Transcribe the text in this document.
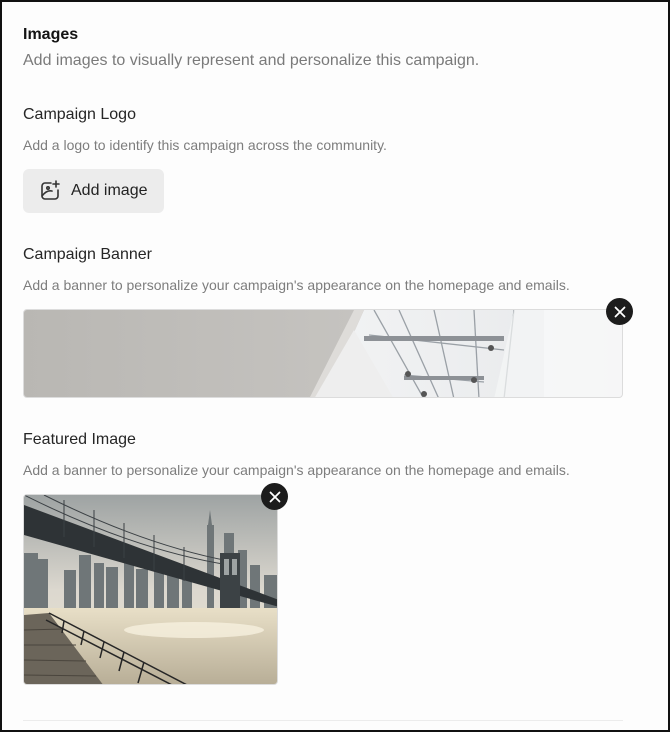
Images
Add images to visually represent and personalize this campaign.
Campaign Logo
Add a logo to identify this campaign across the community.
Add image
Campaign Banner
Add a banner to personalize your campaign's appearance on the homepage and emails.
Featured Image
Add a banner to personalize your campaign's appearance on the homepage and emails.
